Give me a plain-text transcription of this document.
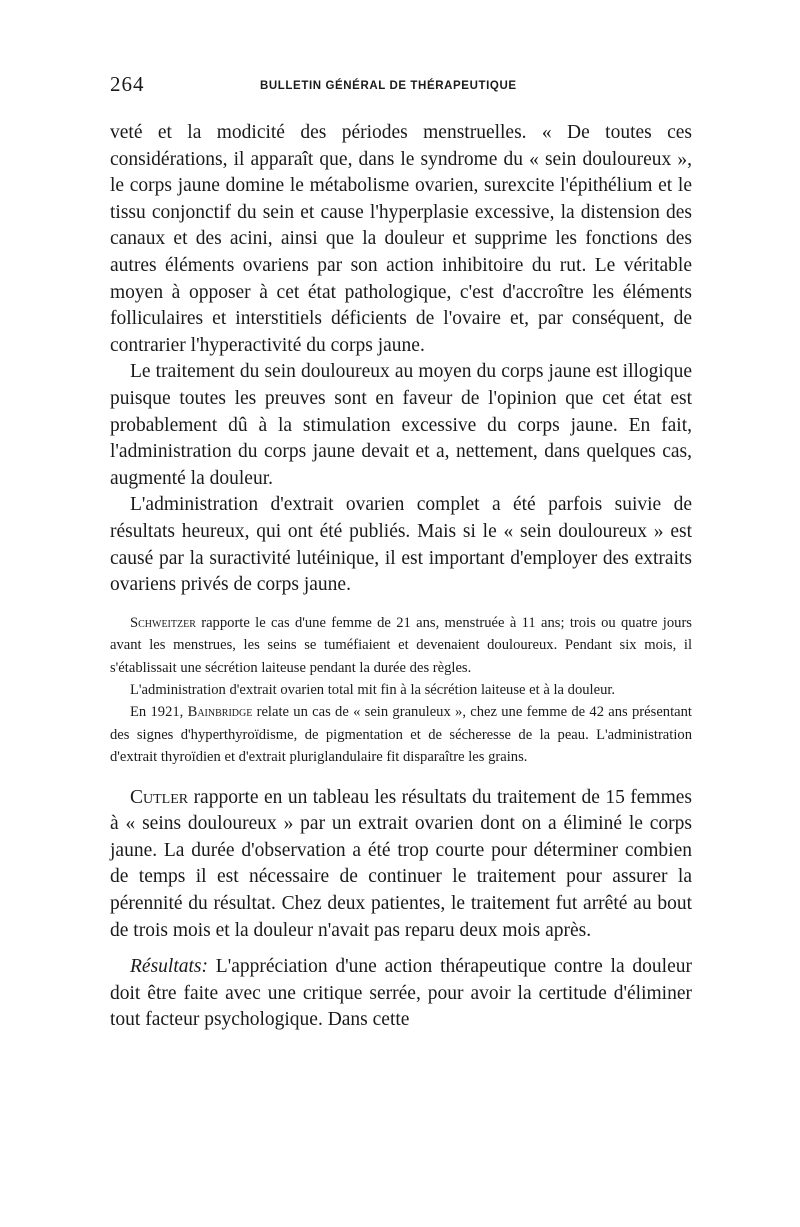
264	BULLETIN GÉNÉRAL DE THÉRAPEUTIQUE

veté et la modicité des périodes menstruelles. « De toutes ces considérations, il apparaît que, dans le syndrome du « sein douloureux », le corps jaune domine le métabolisme ovarien, surexcite l'épithélium et le tissu conjonctif du sein et cause l'hyperplasie excessive, la distension des canaux et des acini, ainsi que la douleur et supprime les fonctions des autres éléments ovariens par son action inhibitoire du rut. Le véritable moyen à opposer à cet état pathologique, c'est d'accroître les éléments folliculaires et interstitiels déficients de l'ovaire et, par conséquent, de contrarier l'hyperactivité du corps jaune.

Le traitement du sein douloureux au moyen du corps jaune est illogique puisque toutes les preuves sont en faveur de l'opinion que cet état est probablement dû à la stimulation excessive du corps jaune. En fait, l'administration du corps jaune devait et a, nettement, dans quelques cas, augmenté la douleur.

L'administration d'extrait ovarien complet a été parfois suivie de résultats heureux, qui ont été publiés. Mais si le « sein douloureux » est causé par la suractivité lutéinique, il est important d'employer des extraits ovariens privés de corps jaune.

Schweitzer rapporte le cas d'une femme de 21 ans, menstruée à 11 ans; trois ou quatre jours avant les menstrues, les seins se tuméfiaient et devenaient douloureux. Pendant six mois, il s'établissait une sécrétion laiteuse pendant la durée des règles.

L'administration d'extrait ovarien total mit fin à la sécrétion laiteuse et à la douleur.

En 1921, Bainbridge relate un cas de « sein granuleux », chez une femme de 42 ans présentant des signes d'hyperthyroïdisme, de pigmentation et de sécheresse de la peau. L'administration d'extrait thyroïdien et d'extrait pluriglandulaire fit disparaître les grains.

Cutler rapporte en un tableau les résultats du traitement de 15 femmes à « seins douloureux » par un extrait ovarien dont on a éliminé le corps jaune. La durée d'observation a été trop courte pour déterminer combien de temps il est nécessaire de continuer le traitement pour assurer la pérennité du résultat. Chez deux patientes, le traitement fut arrêté au bout de trois mois et la douleur n'avait pas reparu deux mois après.

Résultats: L'appréciation d'une action thérapeutique contre la douleur doit être faite avec une critique serrée, pour avoir la certitude d'éliminer tout facteur psychologique. Dans cette
